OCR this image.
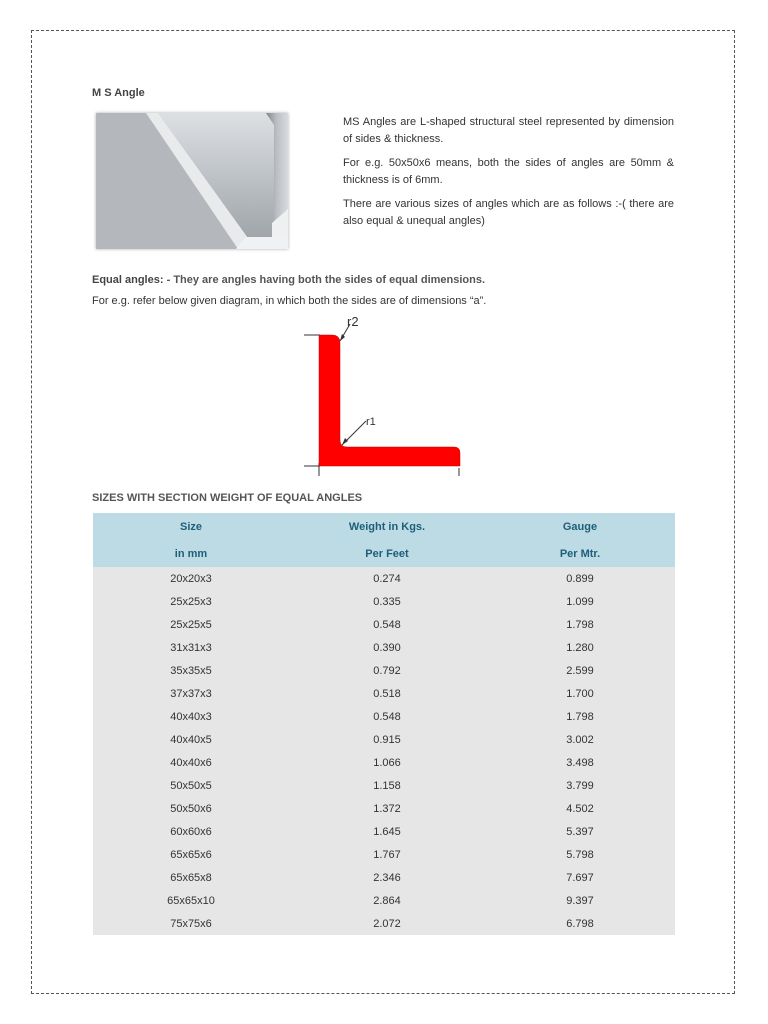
M S Angle

MS Angles are L-shaped structural steel represented by dimension of sides & thickness.

For e.g. 50x50x6 means, both the sides of angles are 50mm & thickness is of 6mm.

There are various sizes of angles which are as follows :-( there are also equal & unequal angles)

Equal angles: - They are angles having both the sides of equal dimensions.
For e.g. refer below given diagram, in which both the sides are of dimensions “a”.
r2
r1
SIZES WITH SECTION WEIGHT OF EQUAL ANGLES
Size	Weight in Kgs.	Gauge
in mm	Per Feet	Per Mtr.
20x20x3	0.274	0.899
25x25x3	0.335	1.099
25x25x5	0.548	1.798
31x31x3	0.390	1.280
35x35x5	0.792	2.599
37x37x3	0.518	1.700
40x40x3	0.548	1.798
40x40x5	0.915	3.002
40x40x6	1.066	3.498
50x50x5	1.158	3.799
50x50x6	1.372	4.502
60x60x6	1.645	5.397
65x65x6	1.767	5.798
65x65x8	2.346	7.697
65x65x10	2.864	9.397
75x75x6	2.072	6.798
